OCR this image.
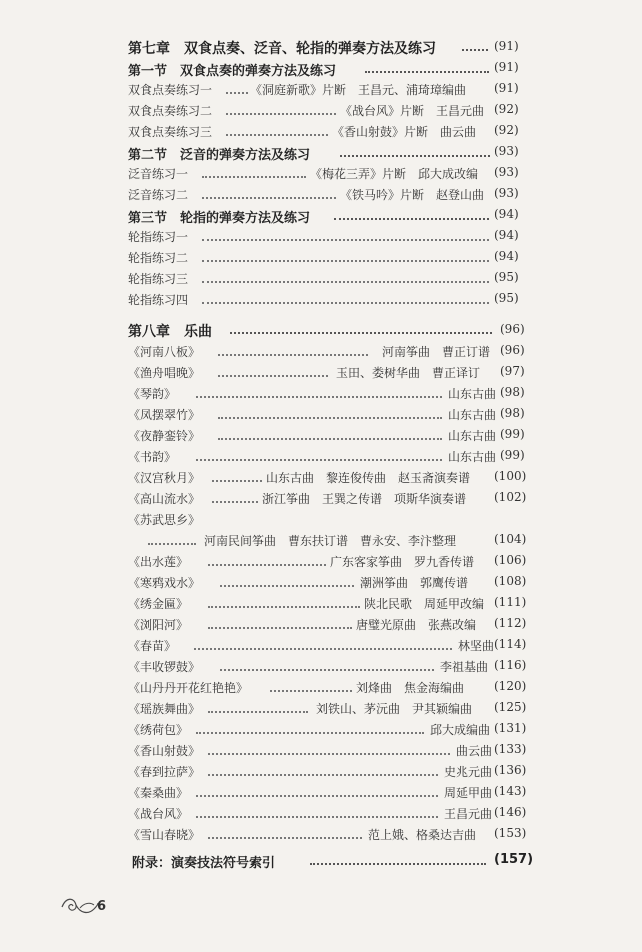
第七章　双食点奏、泛音、轮指的弹奏方法及练习	(91)
第一节　双食点奏的弹奏方法及练习	(91)
双食点奏练习一	《洞庭新歌》片断　王昌元、浦琦璋编曲 (91)
双食点奏练习二	《战台风》片断　王昌元曲 (92)
双食点奏练习三	《香山射鼓》片断　曲云曲 (92)
第二节　泛音的弹奏方法及练习	(93)
泛音练习一	《梅花三弄》片断　邱大成改编 (93)
泛音练习二	《铁马吟》片断　赵登山曲 (93)
第三节　轮指的弹奏方法及练习	(94)
轮指练习一	(94)
轮指练习二	(94)
轮指练习三	(95)
轮指练习四	(95)
第八章　乐曲	(96)
《河南八板》	河南筝曲　曹正订谱 (96)
《渔舟唱晚》	玉田、娄树华曲　曹正译订 (97)
《琴韵》	山东古曲 (98)
《凤摆翠竹》	山东古曲 (98)
《夜静銮铃》	山东古曲 (99)
《书韵》	山东古曲 (99)
《汉宫秋月》	山东古曲　黎连俊传曲　赵玉斋演奏谱 (100)
《高山流水》	浙江筝曲　王巽之传谱　项斯华演奏谱 (102)
《苏武思乡》
河南民间筝曲　曹东扶订谱　曹永安、李汴整理	(104)
《出水莲》	广东客家筝曲　罗九香传谱 (106)
《寒鸦戏水》	潮洲筝曲　郭鹰传谱 (108)
《绣金匾》	陕北民歌　周延甲改编 (111)
《浏阳河》	唐璧光原曲　张燕改编 (112)
《春苗》	林坚曲 (114)
《丰收锣鼓》	李祖基曲 (116)
《山丹丹开花红艳艳》	刘烽曲　焦金海编曲 (120)
《瑶族舞曲》	刘铁山、茅沅曲　尹其颖编曲 (125)
《绣荷包》	邱大成编曲 (131)
《香山射鼓》	曲云曲 (133)
《春到拉萨》	史兆元曲 (136)
《秦桑曲》	周延甲曲 (143)
《战台风》	王昌元曲 (146)
《雪山春晓》	范上娥、格桑达吉曲 (153)
附录：演奏技法符号索引	(157)
6
